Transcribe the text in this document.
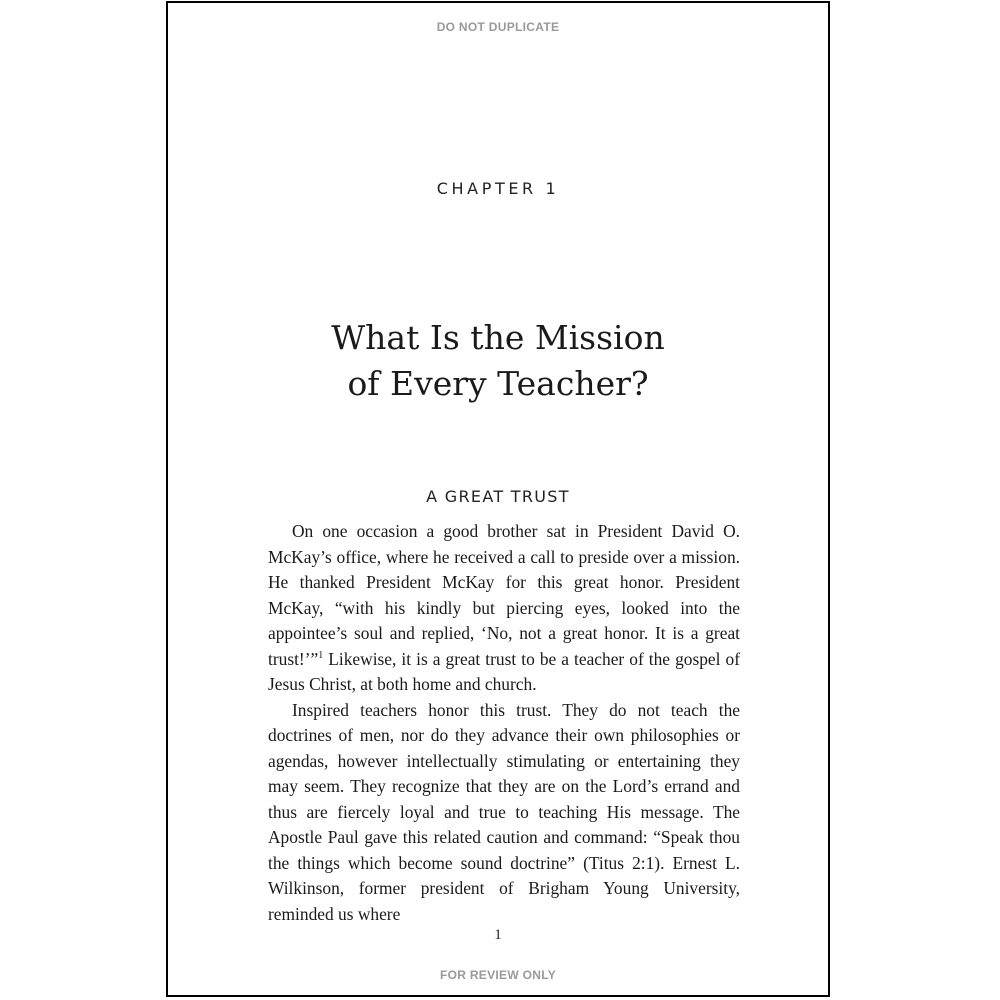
DO NOT DUPLICATE
CHAPTER 1
What Is the Mission
of Every Teacher?
A GREAT TRUST

On one occasion a good brother sat in President David O. McKay’s office, where he received a call to preside over a mission. He thanked President McKay for this great honor. President McKay, “with his kindly but piercing eyes, looked into the appointee’s soul and replied, ‘No, not a great honor. It is a great trust!’”$^1$ Likewise, it is a great trust to be a teacher of the gospel of Jesus Christ, at both home and church.

Inspired teachers honor this trust. They do not teach the doctrines of men, nor do they advance their own philosophies or agendas, however intellectually stimulating or entertaining they may seem. They recognize that they are on the Lord’s errand and thus are fiercely loyal and true to teaching His message. The Apostle Paul gave this related caution and command: “Speak thou the things which become sound doctrine” (Titus 2:1). Ernest L. Wilkinson, former president of Brigham Young University, reminded us where

1
FOR REVIEW ONLY
